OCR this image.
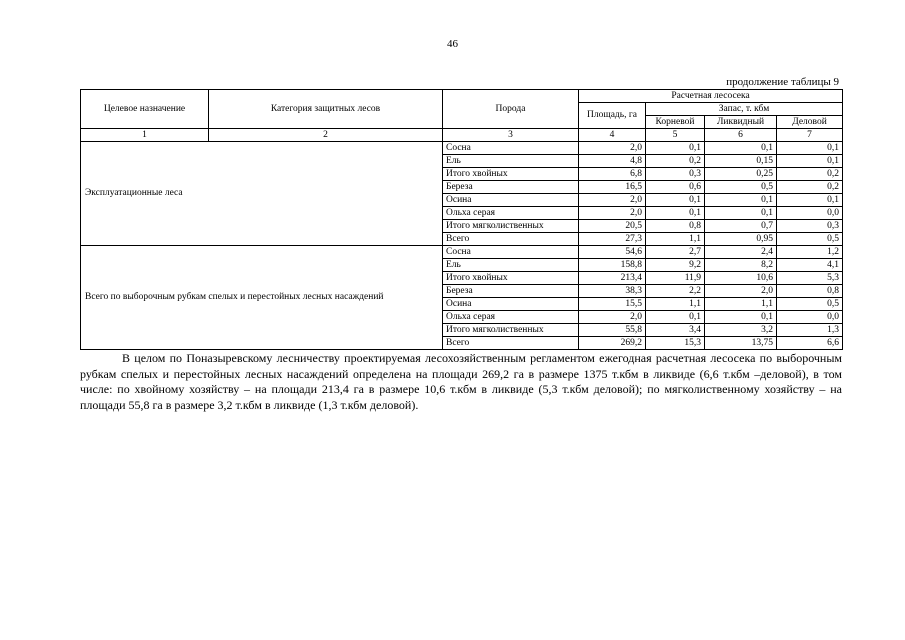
46
продолжение таблицы 9
Целевое назначение	Категория защитных лесов	Порода	Расчетная лесосека			
			Площадь, га	Запас, т. кбм		
				Корневой	Ликвидный	Деловой
1	2	3	4	5	6	7
Эксплуатационные леса		Сосна	2,0	0,1	0,1	0,1
		Ель	4,8	0,2	0,15	0,1
		Итого хвойных	6,8	0,3	0,25	0,2
		Береза	16,5	0,6	0,5	0,2
		Осина	2,0	0,1	0,1	0,1
		Ольха серая	2,0	0,1	0,1	0,0
		Итого мягколиственных	20,5	0,8	0,7	0,3
		Всего	27,3	1,1	0,95	0,5
Всего по выборочным рубкам спелых и перестойных лесных насаждений		Сосна	54,6	2,7	2,4	1,2
		Ель	158,8	9,2	8,2	4,1
		Итого хвойных	213,4	11,9	10,6	5,3
		Береза	38,3	2,2	2,0	0,8
		Осина	15,5	1,1	1,1	0,5
		Ольха серая	2,0	0,1	0,1	0,0
		Итого мягколиственных	55,8	3,4	3,2	1,3
		Всего	269,2	15,3	13,75	6,6
В целом по Поназыревскому лесничеству проектируемая лесохозяйственным регламентом ежегодная расчетная лесосека по выборочным рубкам спелых и перестойных лесных насаждений определена на площади 269,2 га в размере 1375 т.кбм в ликвиде (6,6 т.кбм –деловой), в том числе: по хвойному хозяйству – на площади 213,4 га в размере 10,6 т.кбм в ликвиде (5,3 т.кбм деловой); по мягколиственному хозяйству – на площади 55,8 га в размере 3,2 т.кбм в ликвиде (1,3 т.кбм деловой).
